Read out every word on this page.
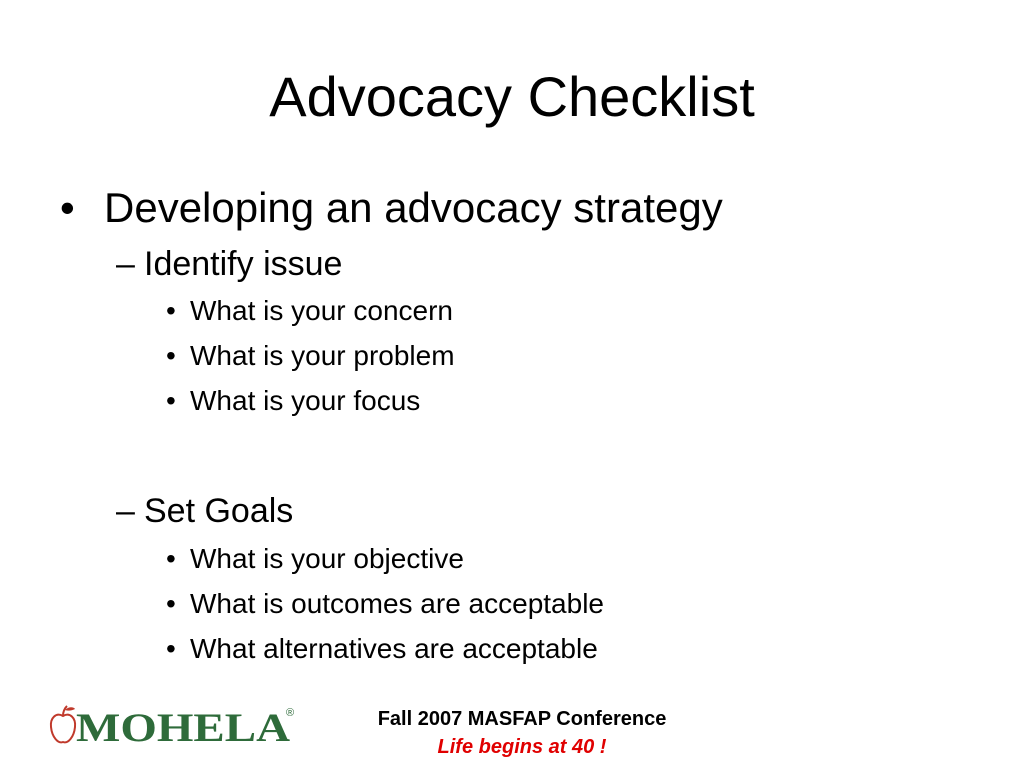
Advocacy Checklist
• Developing an advocacy strategy
– Identify issue
• What is your concern
• What is your problem
• What is your focus
– Set Goals
• What is your objective
• What is outcomes are acceptable
• What alternatives are acceptable
MOHELA
®	Fall 2007 MASFAP Conference
Life begins at 40 !
